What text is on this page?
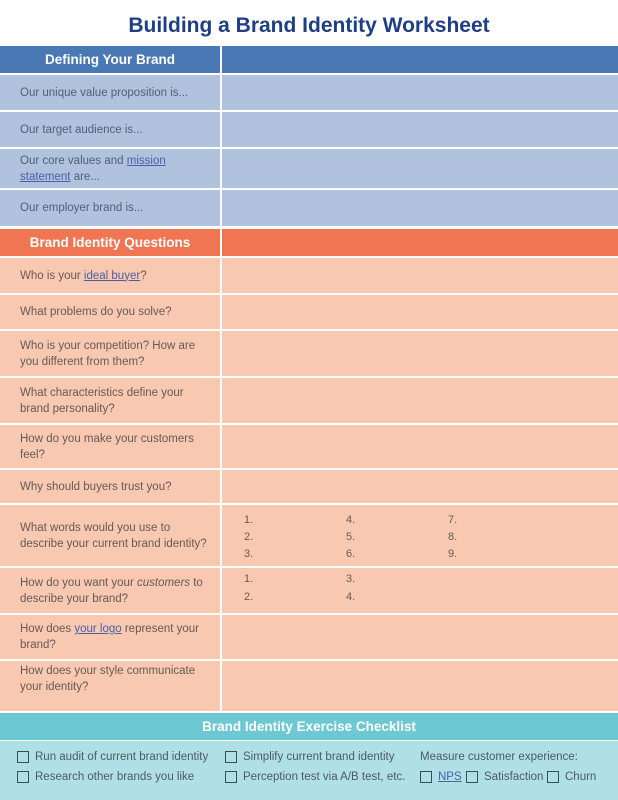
Building a Brand Identity Worksheet
Defining Your Brand
Our unique value proposition is...
Our target audience is...
Our core values and mission statement are...
Our employer brand is...
Brand Identity Questions
Who is your ideal buyer?
What problems do you solve?
Who is your competition? How are you different from them?
What characteristics define your brand personality?
How do you make your customers feel?
Why should buyers trust you?
What words would you use to describe your current brand identity?
1.
2.
3.
4.
5.
6.
7.
8.
9.
How do you want your customers to describe your brand?
1.
2.
3.
4.
How does your logo represent your brand?
How does your style communicate your identity?
Brand Identity Exercise Checklist
Run audit of current brand identity
Research other brands you like
Simplify current brand identity
Perception test via A/B test, etc.
Measure customer experience:
NPS Satisfaction Churn
